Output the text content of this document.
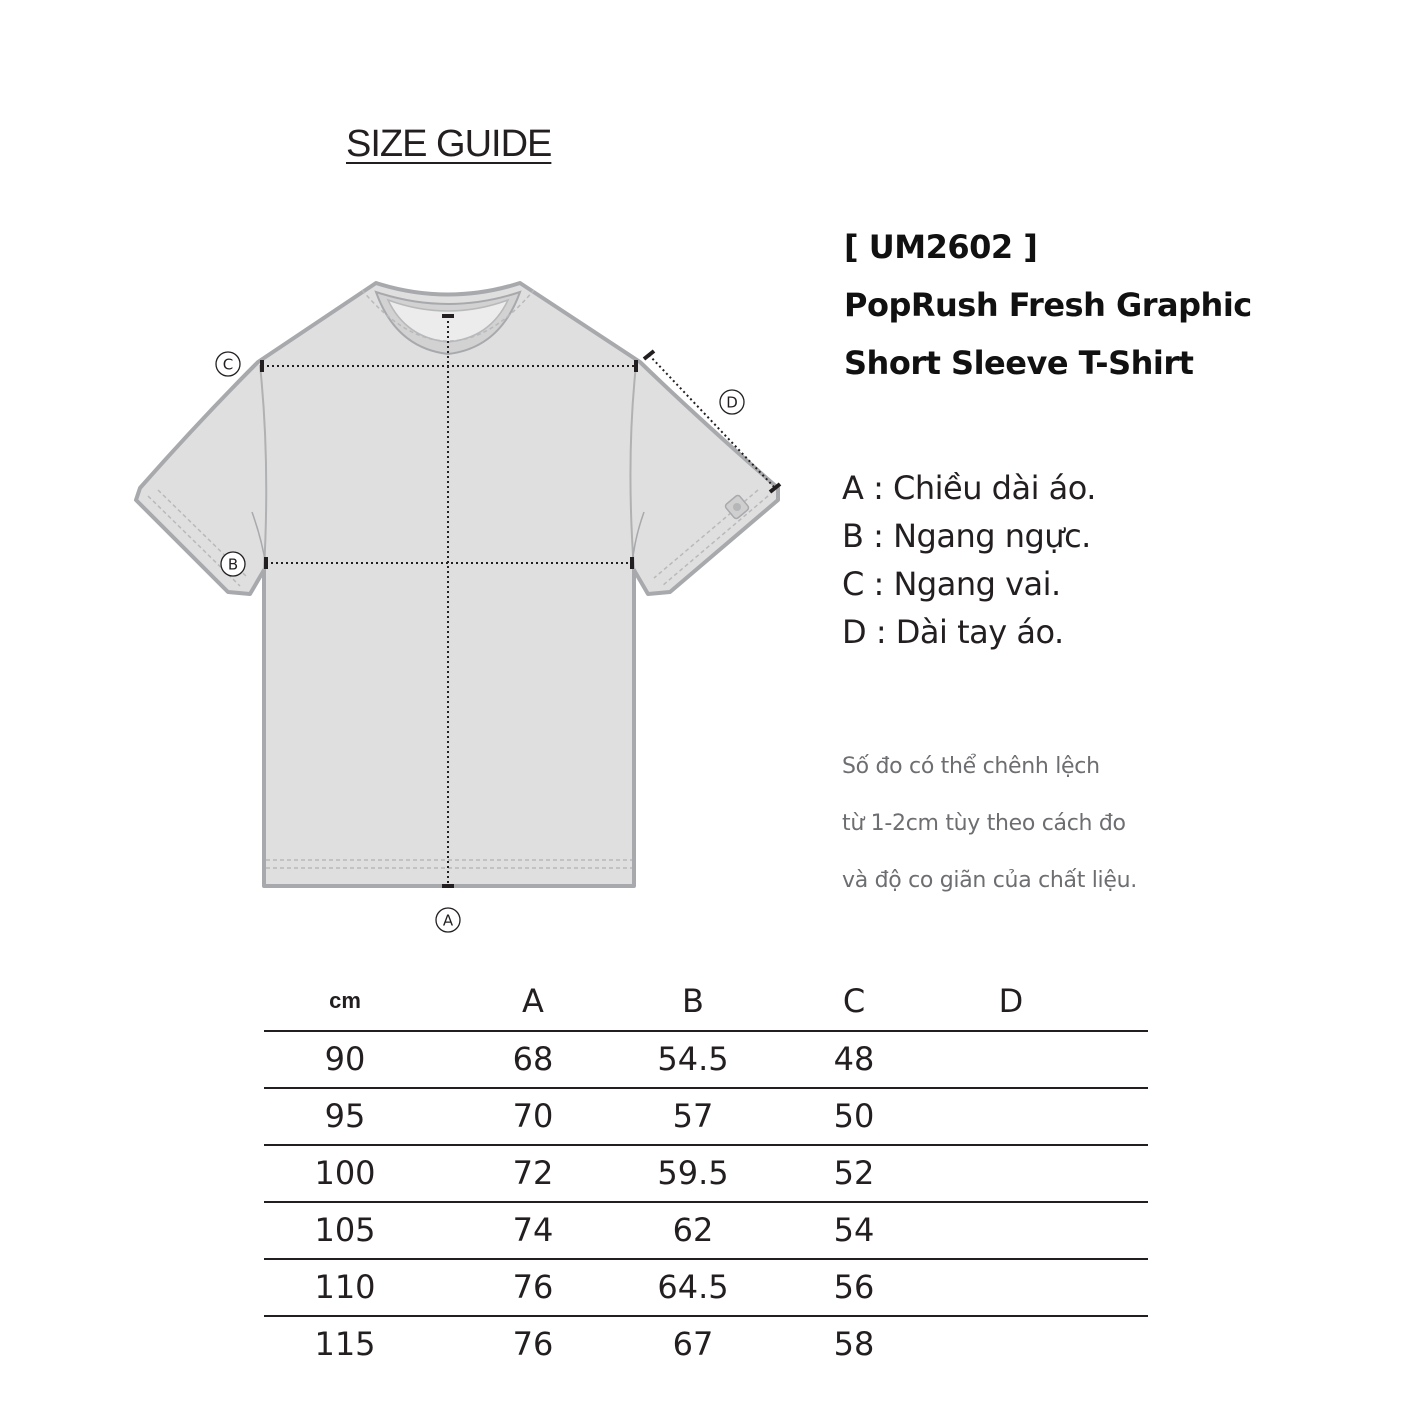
SIZE GUIDE
A
B
C
D
[ UM2602 ]
PopRush Fresh Graphic
Short Sleeve T-Shirt
A : Chiều dài áo.
B : Ngang ngực.
C : Ngang vai.
D : Dài tay áo.
Số đo có thể chênh lệch
từ 1-2cm tùy theo cách đo
và độ co giãn của chất liệu.
cm	A	B	C	D
90	68	54.5	48
95	70	57	50
100	72	59.5	52
105	74	62	54
110	76	64.5	56
115	76	67	58
